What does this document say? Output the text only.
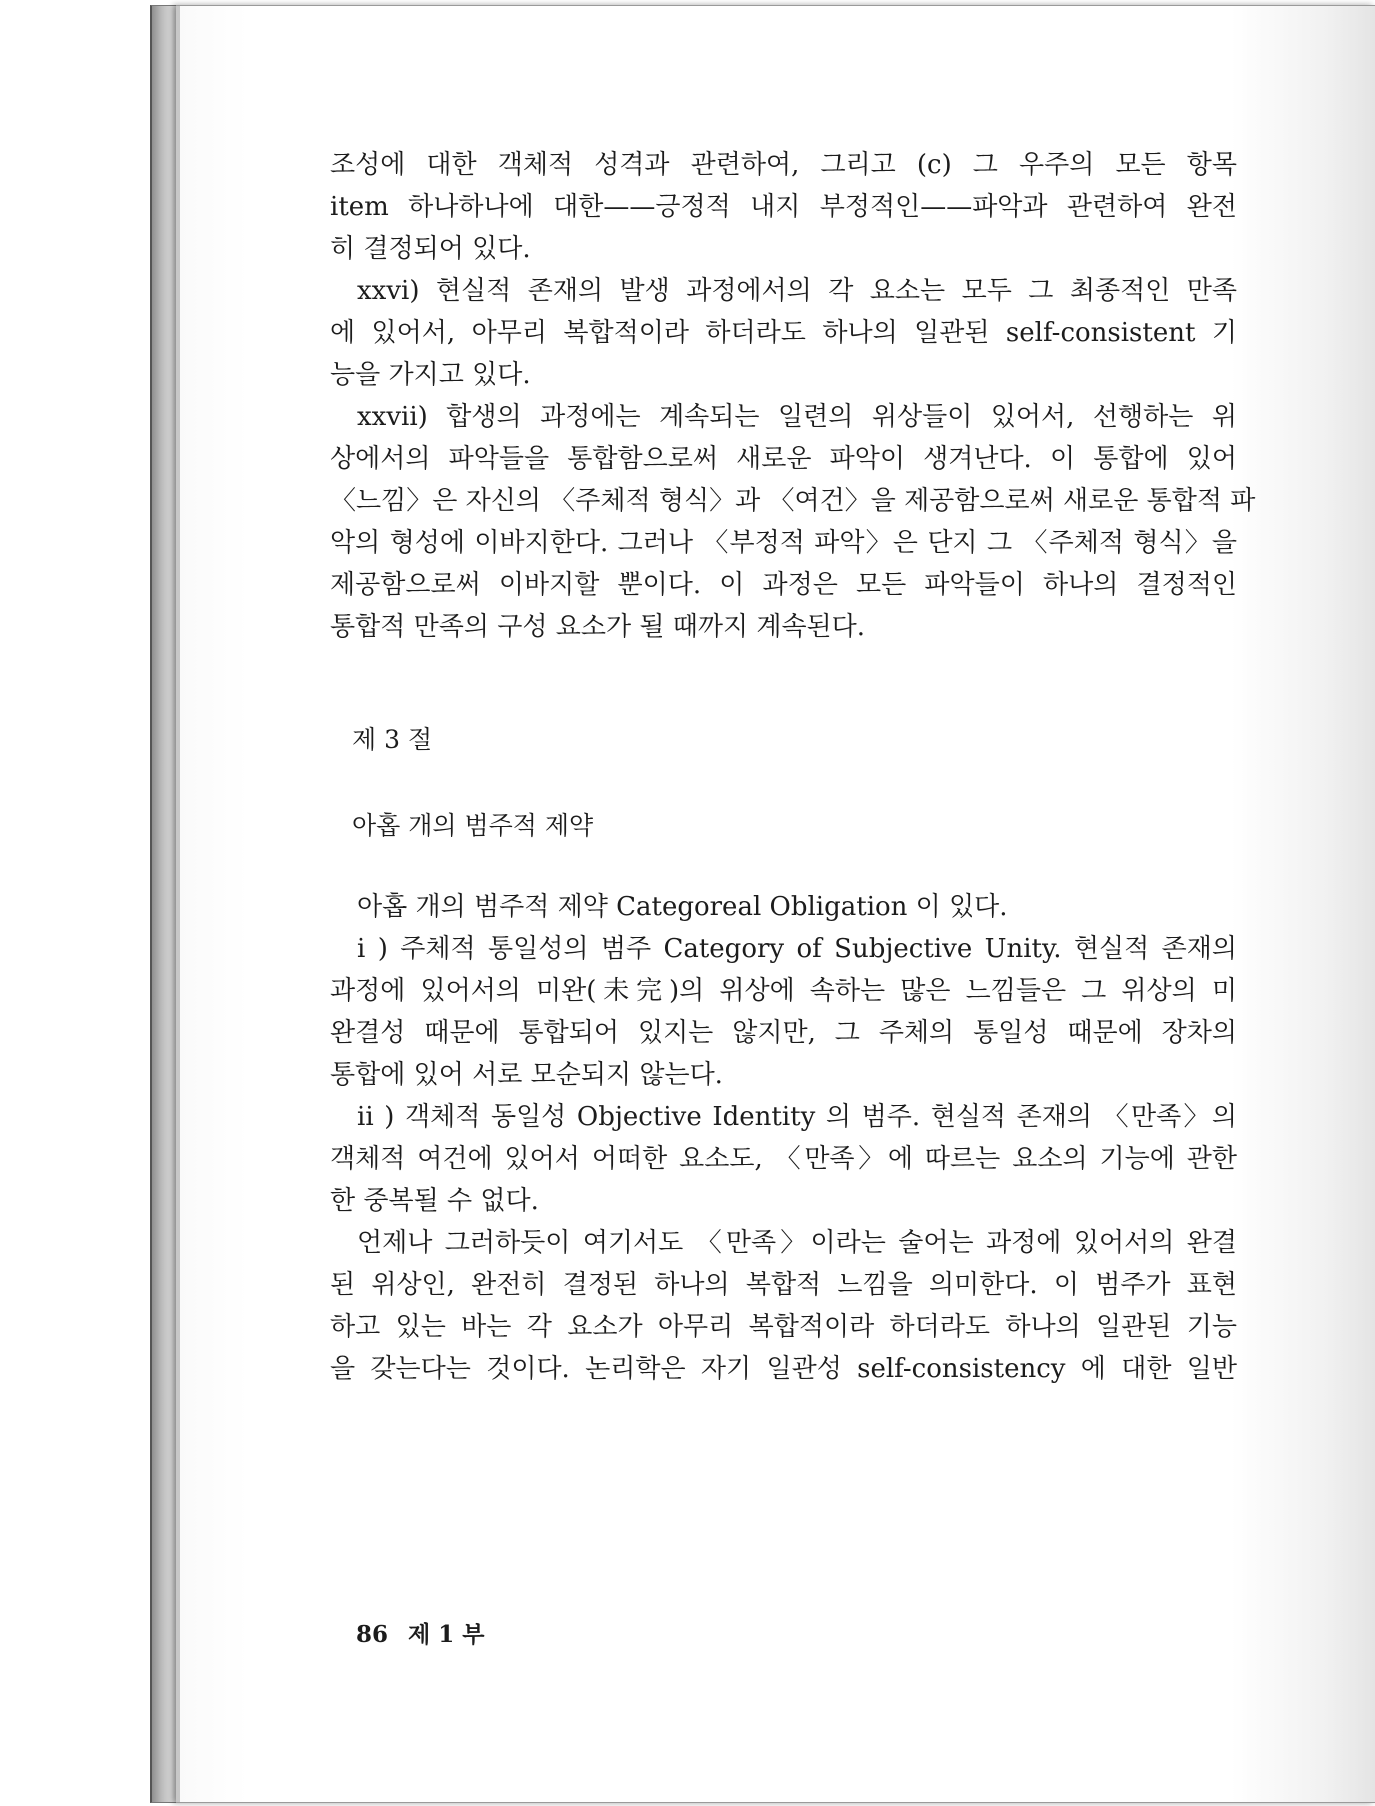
조성에 대한 객체적 성격과 관련하여, 그리고 (c) 그 우주의 모든 항목
item 하나하나에 대한——긍정적 내지 부정적인——파악과 관련하여 완전
히 결정되어 있다.
xxvi) 현실적 존재의 발생 과정에서의 각 요소는 모두 그 최종적인 만족
에 있어서, 아무리 복합적이라 하더라도 하나의 일관된 self-consistent 기
능을 가지고 있다.
xxvii) 합생의 과정에는 계속되는 일련의 위상들이 있어서, 선행하는 위
상에서의 파악들을 통합함으로써 새로운 파악이 생겨난다. 이 통합에 있어
〈느낌〉은 자신의 〈주체적 형식〉과 〈여건〉을 제공함으로써 새로운 통합적 파
악의 형성에 이바지한다. 그러나 〈부정적 파악〉은 단지 그 〈주체적 형식〉을
제공함으로써 이바지할 뿐이다. 이 과정은 모든 파악들이 하나의 결정적인
통합적 만족의 구성 요소가 될 때까지 계속된다.
제 3 절
아홉 개의 범주적 제약
아홉 개의 범주적 제약 Categoreal Obligation 이 있다.
i ) 주체적 통일성의 범주 Category of Subjective Unity. 현실적 존재의
과정에 있어서의 미완(未完)의 위상에 속하는 많은 느낌들은 그 위상의 미
완결성 때문에 통합되어 있지는 않지만, 그 주체의 통일성 때문에 장차의
통합에 있어 서로 모순되지 않는다.
ii ) 객체적 동일성 Objective Identity 의 범주. 현실적 존재의 〈만족〉의
객체적 여건에 있어서 어떠한 요소도, 〈만족〉에 따르는 요소의 기능에 관한
한 중복될 수 없다.
언제나 그러하듯이 여기서도 〈만족〉이라는 술어는 과정에 있어서의 완결
된 위상인, 완전히 결정된 하나의 복합적 느낌을 의미한다. 이 범주가 표현
하고 있는 바는 각 요소가 아무리 복합적이라 하더라도 하나의 일관된 기능
을 갖는다는 것이다. 논리학은 자기 일관성 self-consistency 에 대한 일반
86 제 1 부
